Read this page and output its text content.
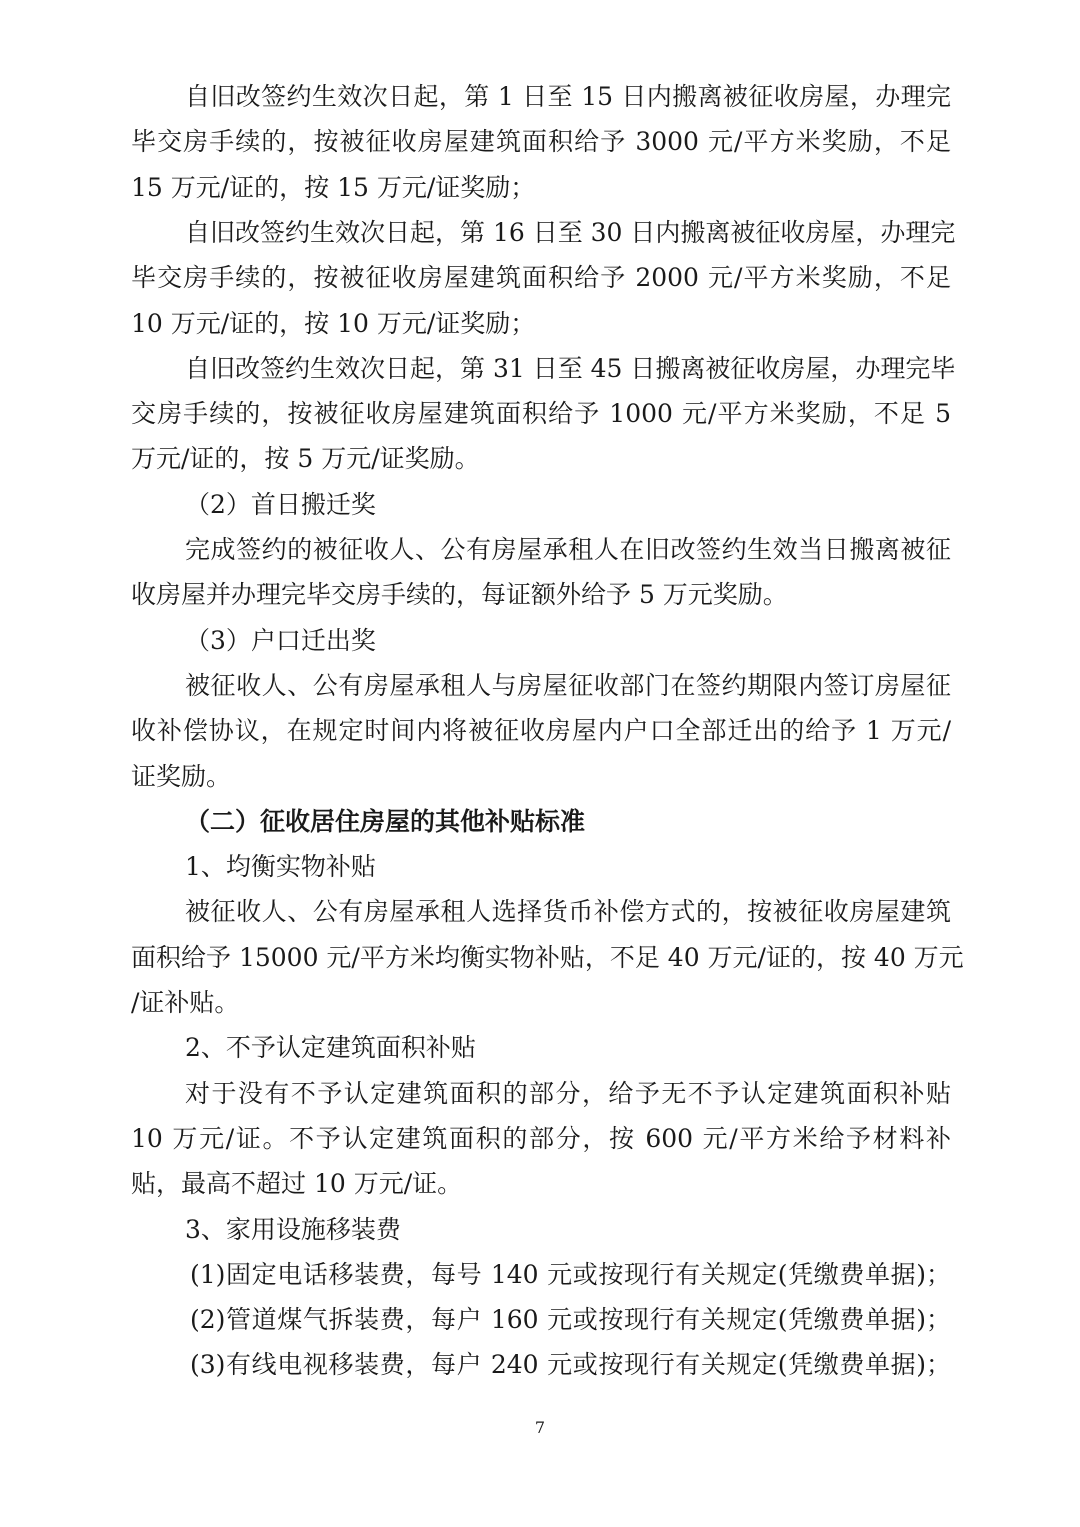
自旧改签约生效次日起，第 1 日至 15 日内搬离被征收房屋，办理完
毕交房手续的，按被征收房屋建筑面积给予 3000 元/平方米奖励，不足
15 万元/证的，按 15 万元/证奖励；
自旧改签约生效次日起，第 16 日至 30 日内搬离被征收房屋，办理完
毕交房手续的，按被征收房屋建筑面积给予 2000 元/平方米奖励，不足
10 万元/证的，按 10 万元/证奖励；
自旧改签约生效次日起，第 31 日至 45 日搬离被征收房屋，办理完毕
交房手续的，按被征收房屋建筑面积给予 1000 元/平方米奖励，不足 5
万元/证的，按 5 万元/证奖励。
（2）首日搬迁奖
完成签约的被征收人、公有房屋承租人在旧改签约生效当日搬离被征
收房屋并办理完毕交房手续的，每证额外给予 5 万元奖励。
（3）户口迁出奖
被征收人、公有房屋承租人与房屋征收部门在签约期限内签订房屋征
收补偿协议，在规定时间内将被征收房屋内户口全部迁出的给予 1 万元/
证奖励。
（二）征收居住房屋的其他补贴标准
1、均衡实物补贴
被征收人、公有房屋承租人选择货币补偿方式的，按被征收房屋建筑
面积给予 15000 元/平方米均衡实物补贴，不足 40 万元/证的，按 40 万元
/证补贴。
2、不予认定建筑面积补贴
对于没有不予认定建筑面积的部分，给予无不予认定建筑面积补贴
10 万元/证。不予认定建筑面积的部分，按 600 元/平方米给予材料补
贴，最高不超过 10 万元/证。
3、家用设施移装费
(1)固定电话移装费，每号 140 元或按现行有关规定(凭缴费单据)；
(2)管道煤气拆装费，每户 160 元或按现行有关规定(凭缴费单据)；
(3)有线电视移装费，每户 240 元或按现行有关规定(凭缴费单据)；
7
